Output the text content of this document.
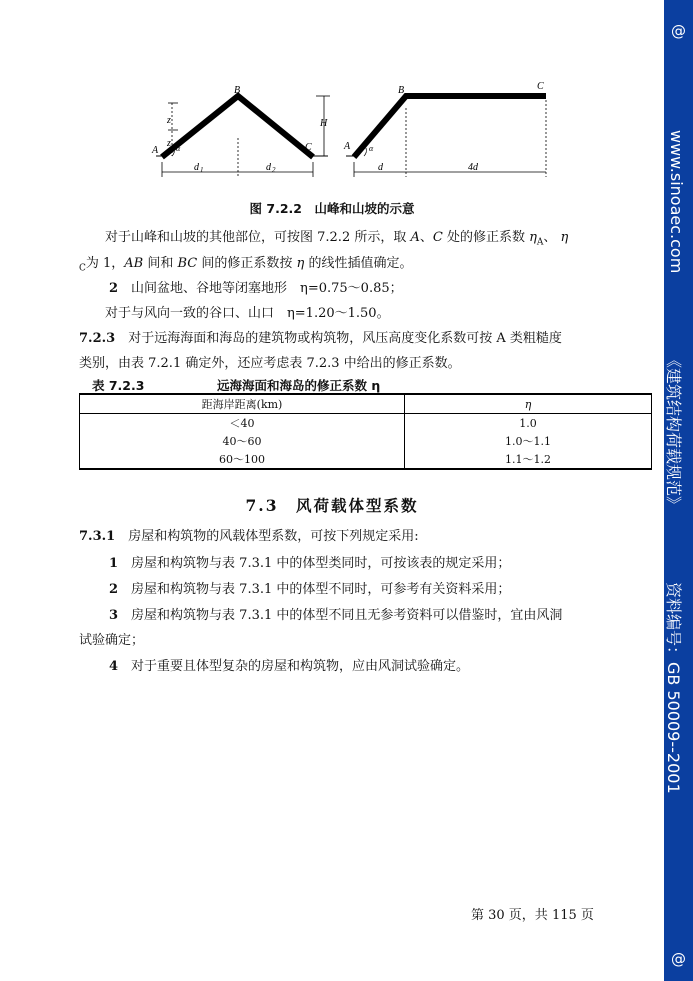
@
www.sinoaec.com
《建筑结构荷载规范》
资料编号：GB 50009--2001
@
z
z
H
A
B
C
α
d 1	d 2
A
B	C
α
d	4d
图 7.2.2　山峰和山坡的示意
对于山峰和山坡的其他部位，可按图 7.2.2 所示，取 A、C 处的修正系数 $\eta_A$、 η
$_C$为 1，AB 间和 BC 间的修正系数按 η 的线性插值确定。
2　山间盆地、谷地等闭塞地形　η=0.75～0.85；
对于与风向一致的谷口、山口　η=1.20～1.50。
7.2.3　对于远海海面和海岛的建筑物或构筑物，风压高度变化系数可按 A 类粗糙度
类别，由表 7.2.1 确定外，还应考虑表 7.2.3 中给出的修正系数。
表 7.2.3	远海海面和海岛的修正系数 η
距海岸距离(km)	η
＜40	1.0
40～60	1.0～1.1
60～100	1.1～1.2
7.3　风荷载体型系数
7.3.1　房屋和构筑物的风载体型系数，可按下列规定采用:
1　房屋和构筑物与表 7.3.1 中的体型类同时，可按该表的规定采用；
2　房屋和构筑物与表 7.3.1 中的体型不同时，可参考有关资料采用；
3　房屋和构筑物与表 7.3.1 中的体型不同且无参考资料可以借鉴时，宜由风洞
试验确定；
4　对于重要且体型复杂的房屋和构筑物，应由风洞试验确定。
第 30 页，共 115 页
